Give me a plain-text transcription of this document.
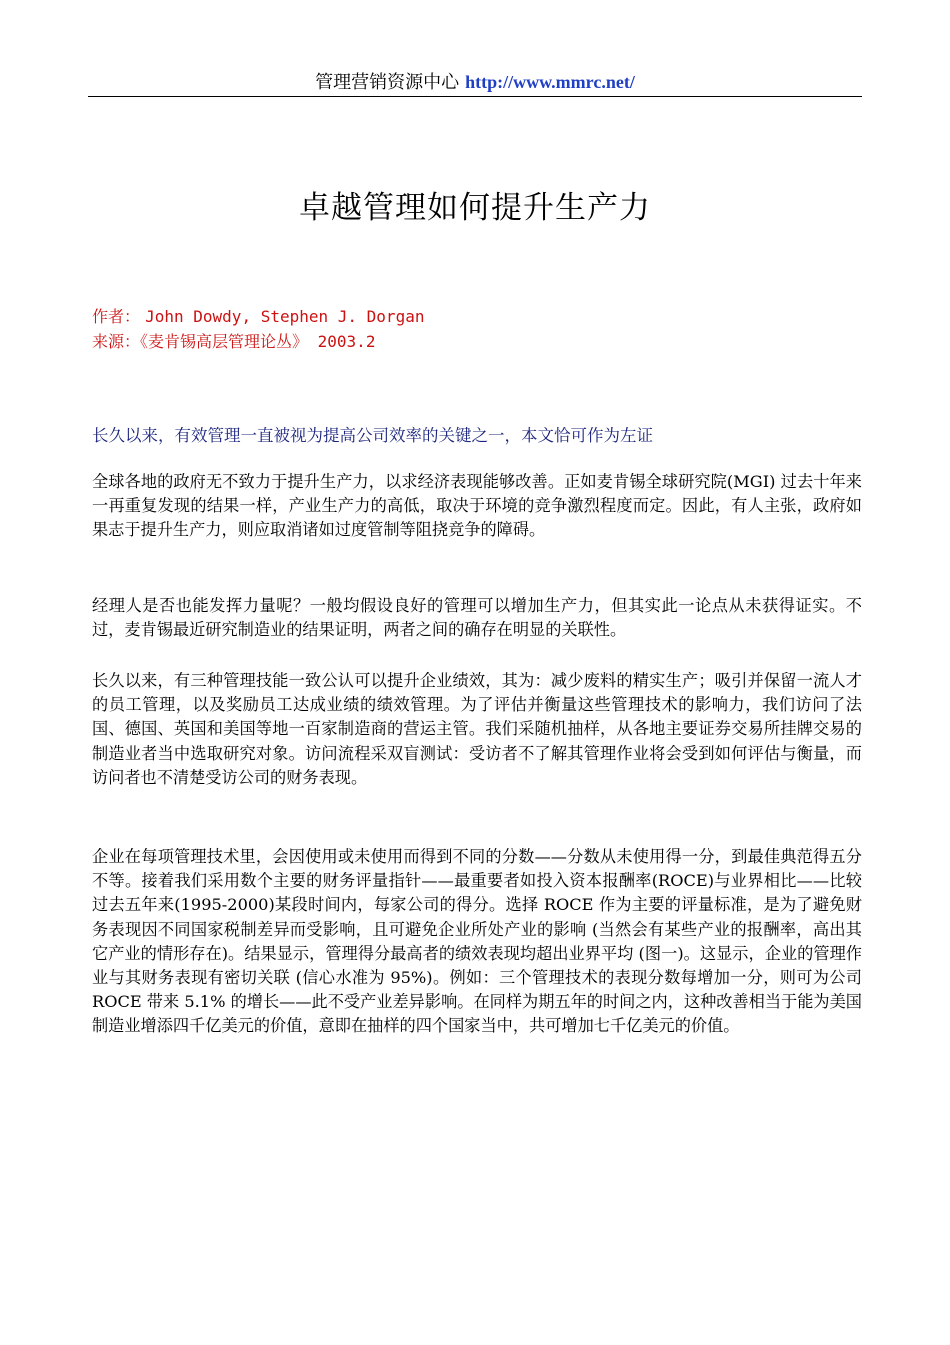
管理营销资源中心 http://www.mmrc.net/
卓越管理如何提升生产力
作者： John Dowdy, Stephen J. Dorgan
来源：《麦肯锡高层管理论丛》 2003.2
长久以来，有效管理一直被视为提高公司效率的关键之一，本文恰可作为左证

全球各地的政府无不致力于提升生产力，以求经济表现能够改善。正如麦肯锡全球研究院(MGI) 过去十年来一再重复发现的结果一样，产业生产力的高低，取决于环境的竞争激烈程度而定。因此，有人主张，政府如果志于提升生产力，则应取消诸如过度管制等阻挠竞争的障碍。

经理人是否也能发挥力量呢？一般均假设良好的管理可以增加生产力，但其实此一论点从未获得证实。不过，麦肯锡最近研究制造业的结果证明，两者之间的确存在明显的关联性。

长久以来，有三种管理技能一致公认可以提升企业绩效，其为：减少废料的精实生产；吸引并保留一流人才的员工管理，以及奖励员工达成业绩的绩效管理。为了评估并衡量这些管理技术的影响力，我们访问了法国、德国、英国和美国等地一百家制造商的营运主管。我们采随机抽样，从各地主要证券交易所挂牌交易的制造业者当中选取研究对象。访问流程采双盲测试：受访者不了解其管理作业将会受到如何评估与衡量，而访问者也不清楚受访公司的财务表现。

企业在每项管理技术里，会因使用或未使用而得到不同的分数——分数从未使用得一分，到最佳典范得五分不等。接着我们采用数个主要的财务评量指针——最重要者如投入资本报酬率(ROCE)与业界相比——比较过去五年来(1995-2000)某段时间内，每家公司的得分。选择 ROCE 作为主要的评量标准，是为了避免财务表现因不同国家税制差异而受影响，且可避免企业所处产业的影响 (当然会有某些产业的报酬率，高出其它产业的情形存在)。结果显示，管理得分最高者的绩效表现均超出业界平均 (图一)。这显示，企业的管理作业与其财务表现有密切关联 (信心水准为 95%)。例如：三个管理技术的表现分数每增加一分，则可为公司 ROCE 带来 5.1% 的增长——此不受产业差异影响。在同样为期五年的时间之内，这种改善相当于能为美国制造业增添四千亿美元的价值，意即在抽样的四个国家当中，共可增加七千亿美元的价值。
